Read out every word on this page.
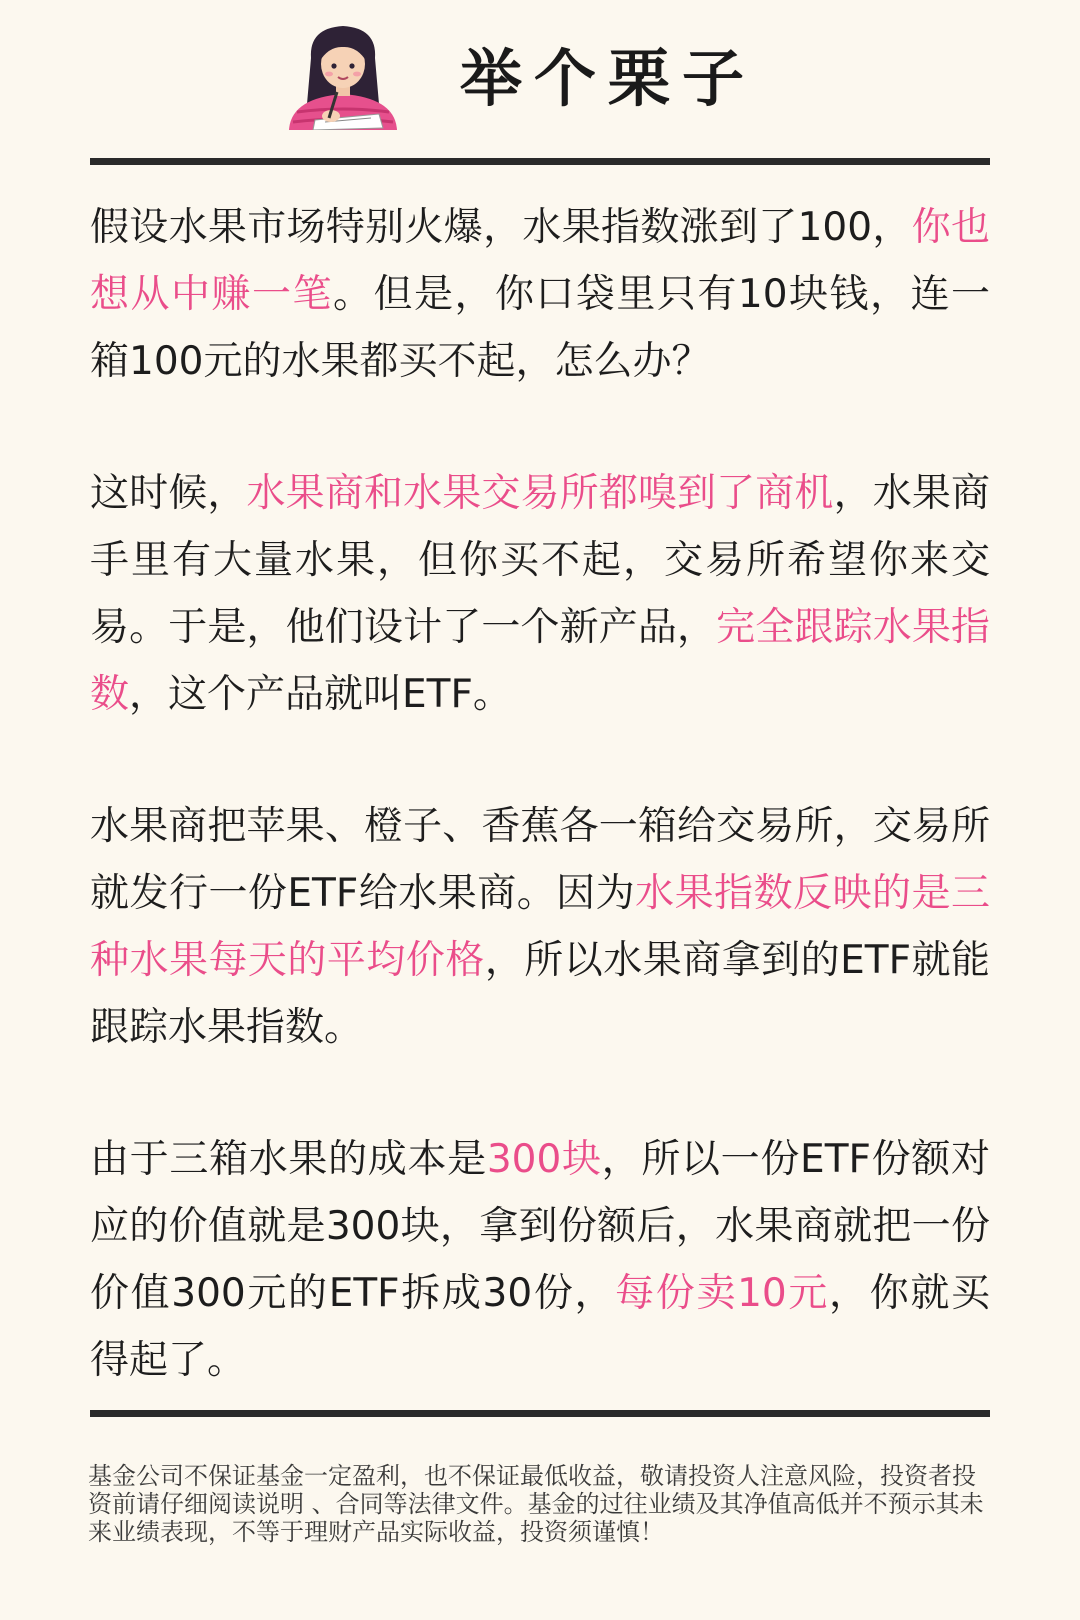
举个栗子

假设水果市场特别火爆，水果指数涨到了100，你也想从中赚一笔。但是，你口袋里只有10块钱，连一箱100元的水果都买不起，怎么办？

这时候，水果商和水果交易所都嗅到了商机，水果商手里有大量水果，但你买不起，交易所希望你来交易。于是，他们设计了一个新产品，完全跟踪水果指数，这个产品就叫ETF。

水果商把苹果、橙子、香蕉各一箱给交易所，交易所就发行一份ETF给水果商。因为水果指数反映的是三种水果每天的平均价格，所以水果商拿到的ETF就能跟踪水果指数。

由于三箱水果的成本是300块，所以一份ETF份额对应的价值就是300块，拿到份额后，水果商就把一份价值300元的ETF拆成30份，每份卖10元，你就买得起了。

基金公司不保证基金一定盈利，也不保证最低收益，敬请投资人注意风险，投资者投资前请仔细阅读说明 、合同等法律文件。基金的过往业绩及其净值高低并不预示其未来业绩表现，不等于理财产品实际收益，投资须谨慎！
